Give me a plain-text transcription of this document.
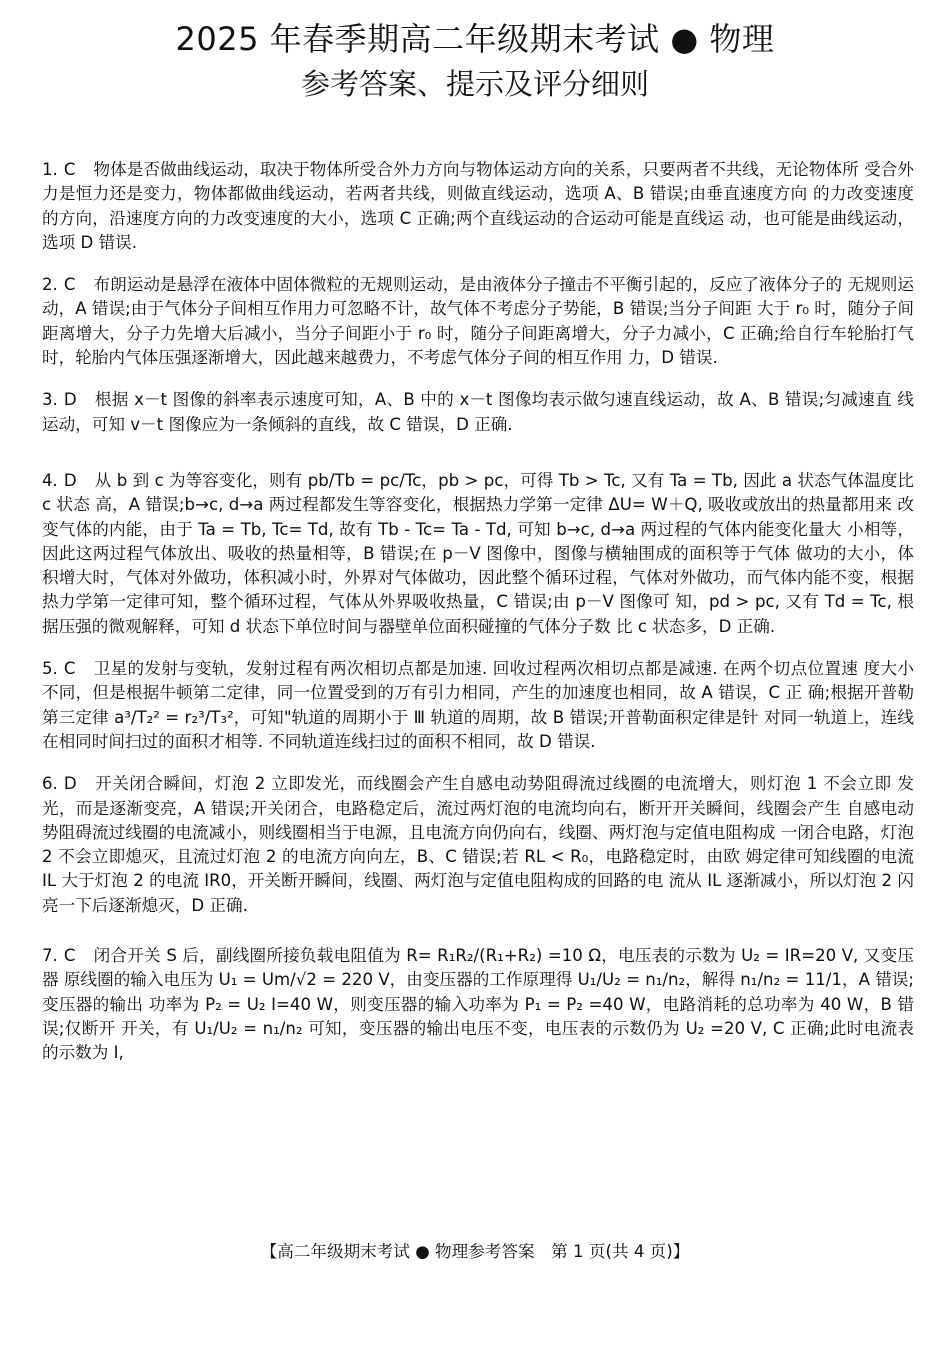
2025 年春季期高二年级期末考试 ● 物理
参考答案、提示及评分细则
1. C 物体是否做曲线运动，取决于物体所受合外力方向与物体运动方向的关系，只要两者不共线，无论物体所 受合外力是恒力还是变力，物体都做曲线运动，若两者共线，则做直线运动，选项 A、B 错误;由垂直速度方向 的力改变速度的方向，沿速度方向的力改变速度的大小，选项 C 正确;两个直线运动的合运动可能是直线运 动，也可能是曲线运动，选项 D 错误.
2. C 布朗运动是悬浮在液体中固体微粒的无规则运动，是由液体分子撞击不平衡引起的，反应了液体分子的 无规则运动，A 错误;由于气体分子间相互作用力可忽略不计，故气体不考虑分子势能，B 错误;当分子间距 大于 r₀ 时，随分子间距离增大，分子力先增大后减小，当分子间距小于 r₀ 时，随分子间距离增大，分子力减小，C 正确;给自行车轮胎打气时，轮胎内气体压强逐渐增大，因此越来越费力，不考虑气体分子间的相互作用 力，D 错误.
3. D 根据 x－t 图像的斜率表示速度可知，A、B 中的 x－t 图像均表示做匀速直线运动，故 A、B 错误;匀减速直 线运动，可知 v－t 图像应为一条倾斜的直线，故 C 错误，D 正确.
4. D 从 b 到 c 为等容变化，则有 pb/Tb = pc/Tc，pb > pc，可得 Tb > Tc, 又有 Ta = Tb, 因此 a 状态气体温度比 c 状态 高，A 错误;b→c, d→a 两过程都发生等容变化，根据热力学第一定律 ΔU= W＋Q, 吸收或放出的热量都用来 改变气体的内能，由于 Ta = Tb, Tc= Td, 故有 Tb - Tc= Ta - Td, 可知 b→c, d→a 两过程的气体内能变化量大 小相等，因此这两过程气体放出、吸收的热量相等，B 错误;在 p－V 图像中，图像与横轴围成的面积等于气体 做功的大小，体积增大时，气体对外做功，体积减小时，外界对气体做功，因此整个循环过程，气体对外做功，而气体内能不变，根据热力学第一定律可知，整个循环过程，气体从外界吸收热量，C 错误;由 p－V 图像可 知，pd > pc, 又有 Td = Tc, 根据压强的微观解释，可知 d 状态下单位时间与器壁单位面积碰撞的气体分子数 比 c 状态多，D 正确.
5. C 卫星的发射与变轨，发射过程有两次相切点都是加速. 回收过程两次相切点都是减速. 在两个切点位置速 度大小不同，但是根据牛顿第二定律，同一位置受到的万有引力相同，产生的加速度也相同，故 A 错误，C 正 确;根据开普勒第三定律 a³/T₂² = r₂³/T₃²，可知"轨道的周期小于 Ⅲ 轨道的周期，故 B 错误;开普勒面积定律是针 对同一轨道上，连线在相同时间扫过的面积才相等. 不同轨道连线扫过的面积不相同，故 D 错误.
6. D 开关闭合瞬间，灯泡 2 立即发光，而线圈会产生自感电动势阻碍流过线圈的电流增大，则灯泡 1 不会立即 发光，而是逐渐变亮，A 错误;开关闭合，电路稳定后，流过两灯泡的电流均向右，断开开关瞬间，线圈会产生 自感电动势阻碍流过线圈的电流减小，则线圈相当于电源，且电流方向仍向右，线圈、两灯泡与定值电阻构成 一闭合电路，灯泡 2 不会立即熄灭，且流过灯泡 2 的电流方向向左，B、C 错误;若 RL < R₀，电路稳定时，由欧 姆定律可知线圈的电流 IL 大于灯泡 2 的电流 IR0，开关断开瞬间，线圈、两灯泡与定值电阻构成的回路的电 流从 IL 逐渐减小，所以灯泡 2 闪亮一下后逐渐熄灭，D 正确.
7. C 闭合开关 S 后，副线圈所接负载电阻值为 R= R₁R₂/(R₁+R₂) =10 Ω，电压表的示数为 U₂ = IR=20 V, 又变压器 原线圈的输入电压为 U₁ = Um/√2 = 220 V，由变压器的工作原理得 U₁/U₂ = n₁/n₂，解得 n₁/n₂ = 11/1，A 错误;变压器的输出 功率为 P₂ = U₂ I=40 W，则变压器的输入功率为 P₁ = P₂ =40 W，电路消耗的总功率为 40 W，B 错误;仅断开 开关，有 U₁/U₂ = n₁/n₂ 可知，变压器的输出电压不变，电压表的示数仍为 U₂ =20 V, C 正确;此时电流表的示数为 I,
【高二年级期末考试 ● 物理参考答案　第 1 页(共 4 页)】
